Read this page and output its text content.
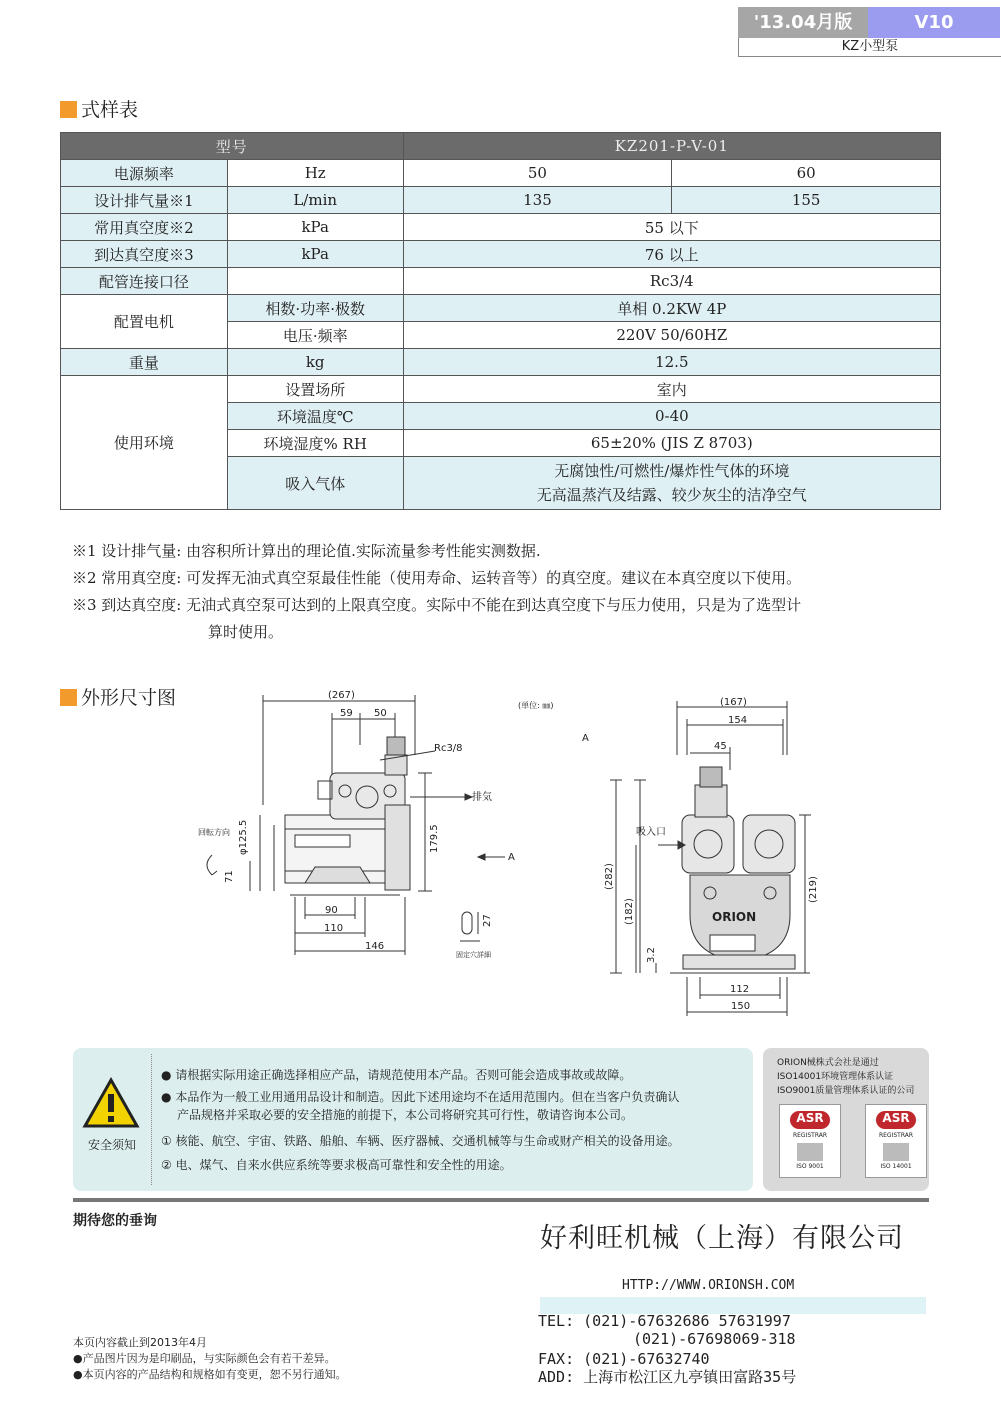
'13.04月版	V10
KZ小型泵
式样表
型号		KZ201-P-V-01	
电源频率	Hz	50	60
设计排气量※1	L/min	135	155
常用真空度※2	kPa	55 以下	
到达真空度※3	kPa	76 以上	
配管连接口径		Rc3/4	
配置电机	相数·功率·极数	单相 0.2KW 4P	
	电压·频率	220V 50/60HZ	
重量	kg	12.5	
使用环境	设置场所	室内	
	环境温度℃	0-40	
	环境湿度% RH	65±20% (JIS Z 8703)	
	吸入气体	无腐蚀性/可燃性/爆炸性气体的环境
无高温蒸汽及结露、较少灰尘的洁净空气	
※1 设计排气量: 由容积所计算出的理论值.实际流量参考性能实测数据.
※2 常用真空度: 可发挥无油式真空泵最佳性能（使用寿命、运转音等）的真空度。建议在本真空度以下使用。
※3 到达真空度: 无油式真空泵可达到的上限真空度。实际中不能在到达真空度下与压力使用，只是为了选型计
算时使用。
外形尺寸图	(267)
59 50
Rc3/8
排気
回転方向 φ125.5	179.5
71
90
110
146
27
固定穴詳細
A
(単位: ㎜)
A
(167)
154
45
吸入口
(282)
(182)
(219)
3.2
112
150
ORION
安全须知
● 请根据实际用途正确选择相应产品，请规范使用本产品。否则可能会造成事故或故障。
● 本品作为一般工业用通用品设计和制造。因此下述用途均不在适用范围内。但在当客户负责确认
产品规格并采取必要的安全措施的前提下，本公司将研究其可行性，敬请咨询本公司。
① 核能、航空、宇宙、铁路、船舶、车辆、医疗器械、交通机械等与生命或财产相关的设备用途。
② 电、煤气、自来水供应系统等要求极高可靠性和安全性的用途。
ORION械株式会社是通过
ISO14001环境管理体系认证
ISO9001质量管理体系认证的公司
ASR
REGISTRAR
ISO 9001
ASR
REGISTRAR
ISO 14001
期待您的垂询
好利旺机械（上海）有限公司
HTTP://WWW.ORIONSH.COM
TEL: (021)-67632686 57631997
(021)-67698069-318
FAX: (021)-67632740
ADD: 上海市松江区九亭镇田富路35号
本页内容截止到2013年4月
●产品图片因为是印刷品，与实际颜色会有若干差异。
●本页内容的产品结构和规格如有变更，恕不另行通知。
